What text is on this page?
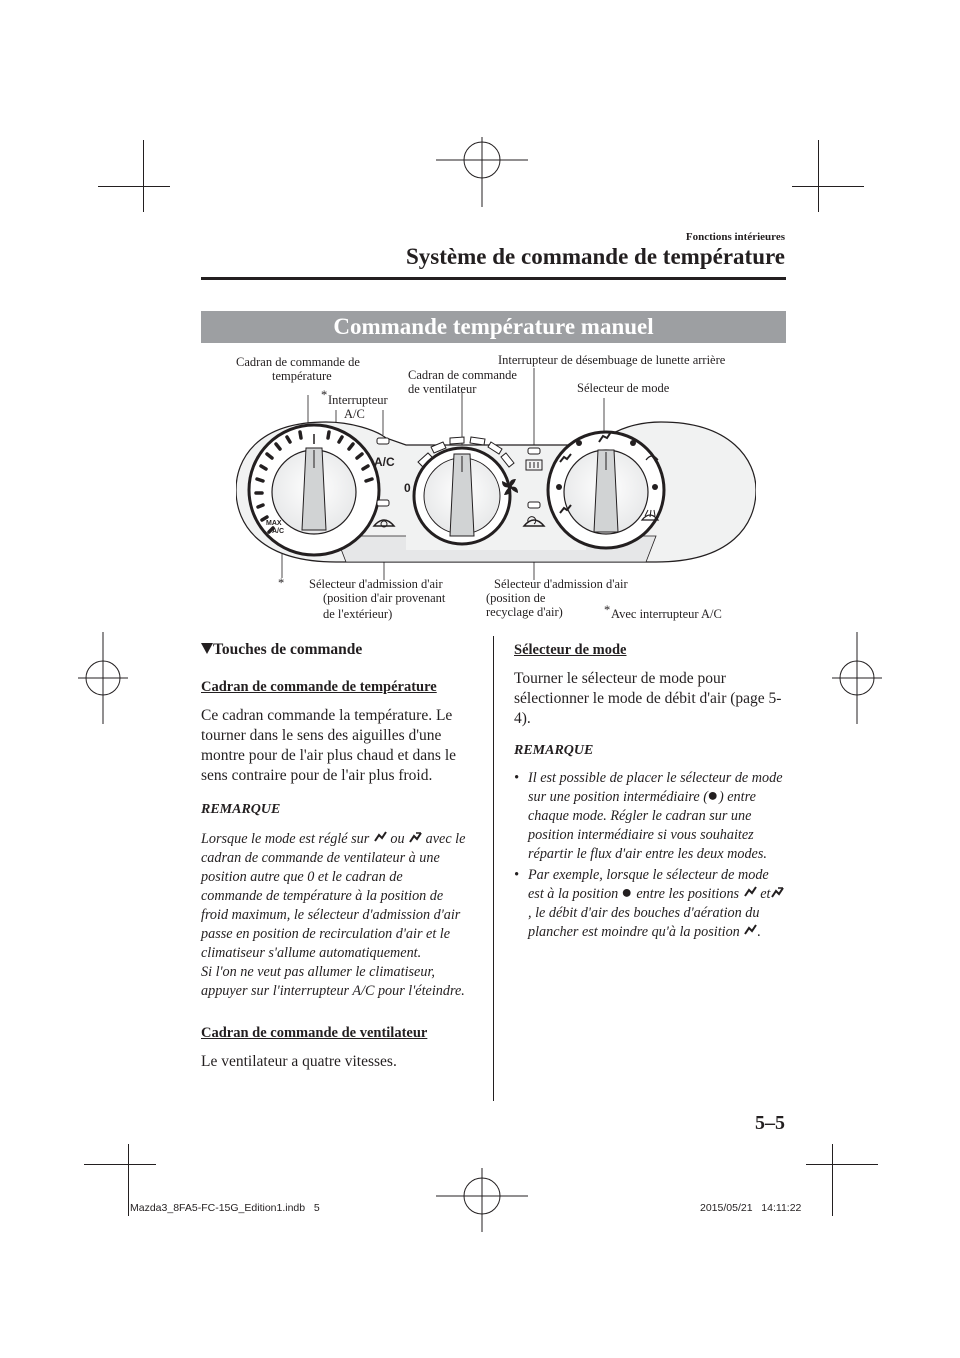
Fonctions intérieures
Système de commande de température
Commande température manuel
Cadran de commande de
température
* Interrupteur
A/C
Cadran de commande
de ventilateur
Interrupteur de désembuage de lunette arrière
Sélecteur de mode
MAX
A/C
A/C
0
* Sélecteur d'admission d'air
(position d'air provenant
de l'extérieur)
Sélecteur d'admission d'air
(position de
recyclage d'air)	* Avec interrupteur A/C

Touches de commande

Cadran de commande de température

Ce cadran commande la température. Le tourner dans le sens des aiguilles d'une montre pour de l'air plus chaud et dans le sens contraire pour de l'air plus froid.

REMARQUE

Lorsque le mode est réglé sur ou avec le cadran de commande de ventilateur à une position autre que 0 et le cadran de commande de température à la position de froid maximum, le sélecteur d'admission d'air passe en position de recirculation d'air et le climatiseur s'allume automatiquement.
Si l'on ne veut pas allumer le climatiseur, appuyer sur l'interrupteur A/C pour l'éteindre.

Cadran de commande de ventilateur

Le ventilateur a quatre vitesses.

Sélecteur de mode

Tourner le sélecteur de mode pour sélectionner le mode de débit d'air (page 5-4).

REMARQUE

• Il est possible de placer le sélecteur de mode sur une position intermédiaire ( ) entre chaque mode. Régler le cadran sur une position intermédiaire si vous souhaitez répartir le flux d'air entre les deux modes.
• Par exemple, lorsque le sélecteur de mode est à la position entre les positions et, le débit d'air des bouches d'aération du plancher est moindre qu'à la position .
5–5
Mazda3_8FA5-FC-15G_Edition1.indb   5	2015/05/21   14:11:22
